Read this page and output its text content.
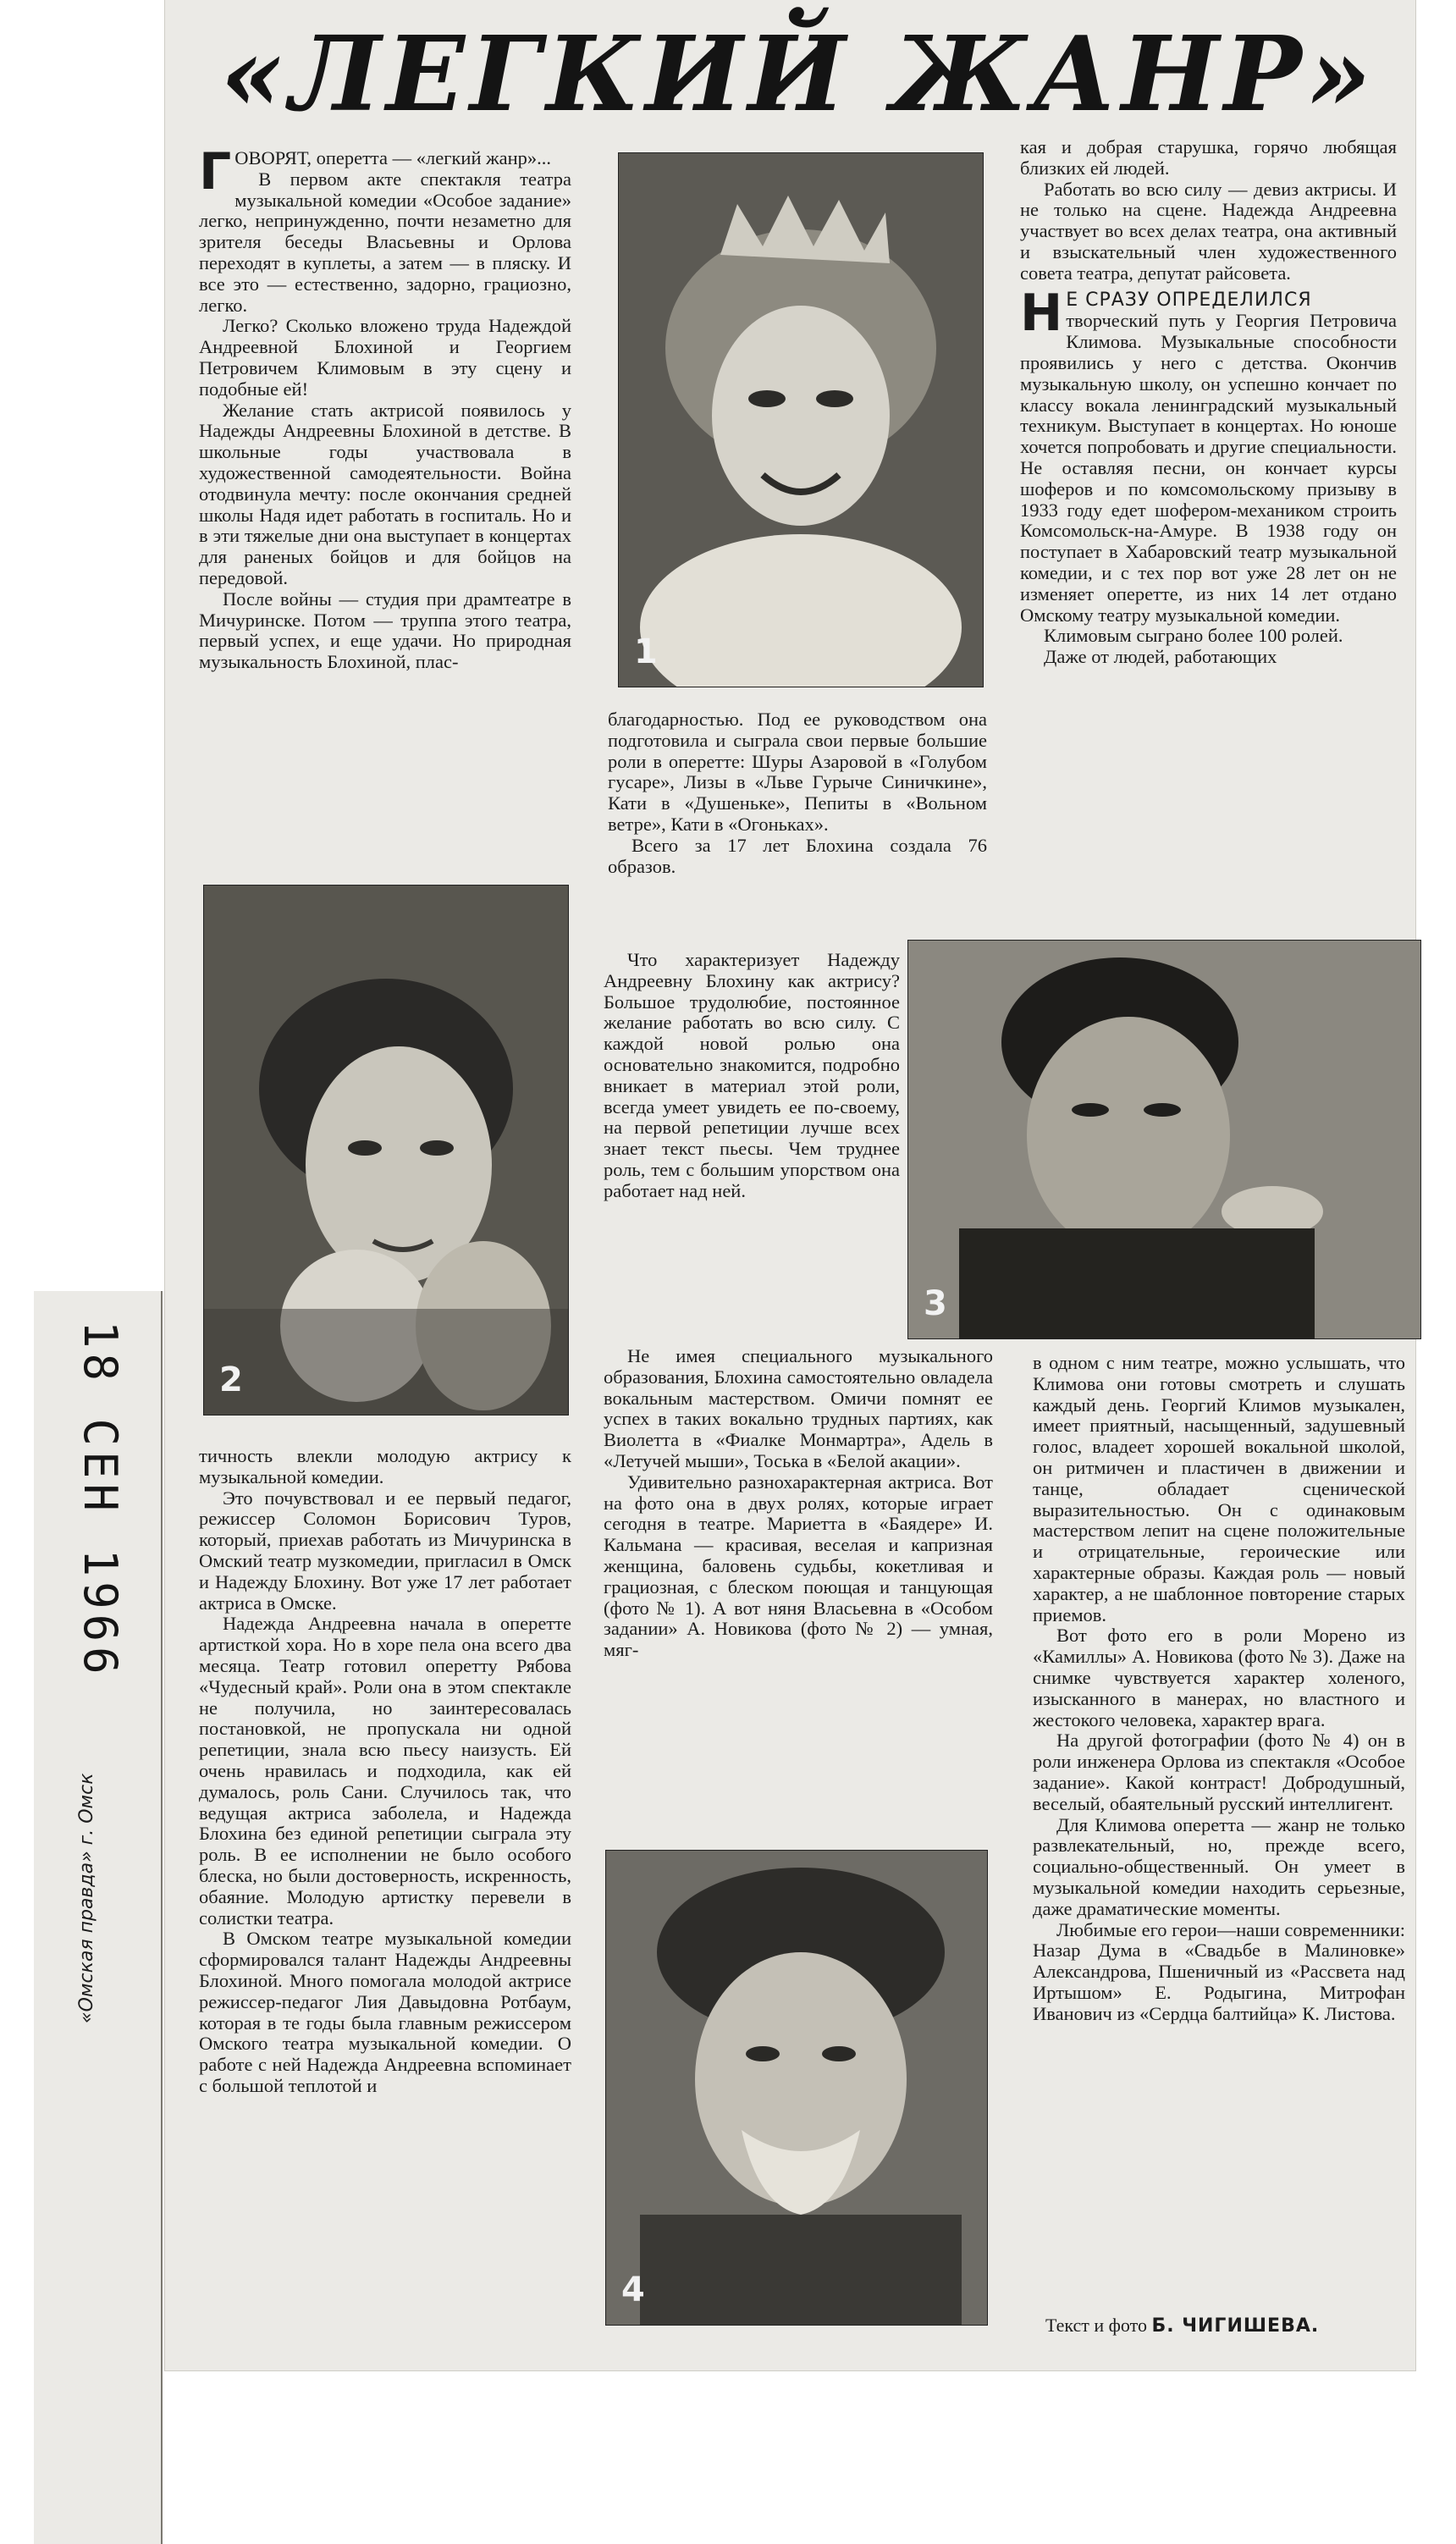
18 СЕН 1966
«Омская правда» г. Омск
«ЛЕГКИЙ ЖАНР»

ГОВОРЯТ, оперетта — «легкий жанр»...

В первом акте спектакля театра музыкальной комедии «Особое задание» легко, непринужденно, почти незаметно для зрителя беседы Власьевны и Орлова переходят в куплеты, а затем — в пляску. И все это — естественно, задорно, грациозно, легко.

Легко? Сколько вложено труда Надеждой Андреевной Блохиной и Георгием Петровичем Климовым в эту сцену и подобные ей!

Желание стать актрисой появилось у Надежды Андреевны Блохиной в детстве. В школьные годы участвовала в художественной самодеятельности. Война отодвинула мечту: после окончания средней школы Надя идет работать в госпиталь. Но и в эти тяжелые дни она выступает в концертах для раненых бойцов и для бойцов на передовой.

После войны — студия при драмтеатре в Мичуринске. Потом — труппа этого театра, первый успех, и еще удачи. Но природная музыкальность Блохиной, плас-

2

тичность влекли молодую актрису к музыкальной комедии.

Это почувствовал и ее первый педагог, режиссер Соломон Борисович Туров, который, приехав работать из Мичуринска в Омский театр музкомедии, пригласил в Омск и Надежду Блохину. Вот уже 17 лет работает актриса в Омске.

Надежда Андреевна начала в оперетте артисткой хора. Но в хоре пела она всего два месяца. Театр готовил оперетту Рябова «Чудесный край». Роли она в этом спектакле не получила, но заинтересовалась постановкой, не пропускала ни одной репетиции, знала всю пьесу наизусть. Ей очень нравилась и подходила, как ей думалось, роль Сани. Случилось так, что ведущая актриса заболела, и Надежда Блохина без единой репетиции сыграла эту роль. В ее исполнении не было особого блеска, но были достоверность, искренность, обаяние. Молодую артистку перевели в солистки театра.

В Омском театре музыкальной комедии сформировался талант Надежды Андреевны Блохиной. Много помогала молодой актрисе режиссер-педагог Лия Давыдовна Ротбаум, которая в те годы была главным режиссером Омского театра музыкальной комедии. О работе с ней Надежда Андреевна вспоминает с большой теплотой и

1

благодарностью. Под ее руководством она подготовила и сыграла свои первые большие роли в оперетте: Шуры Азаровой в «Голубом гусаре», Лизы в «Льве Гурыче Синичкине», Кати в «Душеньке», Пепиты в «Вольном ветре», Кати в «Огоньках».

Всего за 17 лет Блохина создала 76 образов.

Что характеризует Надежду Андреевну Блохину как актрису? Большое трудолюбие, постоянное желание работать во всю силу. С каждой новой ролью она основательно знакомится, подробно вникает в материал этой роли, всегда умеет увидеть ее по-своему, на первой репетиции лучше всех знает текст пьесы. Чем труднее роль, тем с большим упорством она работает над ней.

Не имея специального музыкального образования, Блохина самостоятельно овладела вокальным мастерством. Омичи помнят ее успех в таких вокально трудных партиях, как Виолетта в «Фиалке Монмартра», Адель в «Летучей мыши», Тоська в «Белой акации».

Удивительно разнохарактерная актриса. Вот на фото она в двух ролях, которые играет сегодня в театре. Мариетта в «Баядере» И. Кальмана — красивая, веселая и капризная женщина, баловень судьбы, кокетливая и грациозная, с блеском поющая и танцующая (фото № 1). А вот няня Власьевна в «Особом задании» А. Новикова (фото № 2) — умная, мяг-

4

кая и добрая старушка, горячо любящая близких ей людей.

Работать во всю силу — девиз актрисы. И не только на сцене. Надежда Андреевна участвует во всех делах театра, она активный и взыскательный член художественного совета театра, депутат райсовета.

Н Е СРАЗУ ОПРЕДЕЛИЛСЯ
творческий путь у Георгия Петровича Климова. Музыкальные способности проявились у него с детства. Окончив музыкальную школу, он успешно кончает по классу вокала ленинградский музыкальный техникум. Выступает в концертах. Но юноше хочется попробовать и другие специальности. Не оставляя песни, он кончает курсы шоферов и по комсомольскому призыву в 1933 году едет шофером-механиком строить Комсомольск-на-Амуре. В 1938 году он поступает в Хабаровский театр музыкальной комедии, и с тех пор вот уже 28 лет он не изменяет оперетте, из них 14 лет отдано Омскому театру музыкальной комедии.

Климовым сыграно более 100 ролей.

Даже от людей, работающих

3

в одном с ним театре, можно услышать, что Климова они готовы смотреть и слушать каждый день. Георгий Климов музыкален, имеет приятный, насыщенный, задушевный голос, владеет хорошей вокальной школой, он ритмичен и пластичен в движении и танце, обладает сценической выразительностью. Он с одинаковым мастерством лепит на сцене положительные и отрицательные, героические или характерные образы. Каждая роль — новый характер, а не шаблонное повторение старых приемов.

Вот фото его в роли Морено из «Камиллы» А. Новикова (фото № 3). Даже на снимке чувствуется характер холеного, изысканного в манерах, но властного и жестокого человека, характер врага.

На другой фотографии (фото № 4) он в роли инженера Орлова из спектакля «Особое задание». Какой контраст! Добродушный, веселый, обаятельный русский интеллигент.

Для Климова оперетта — жанр не только развлекательный, но, прежде всего, социально-общественный. Он умеет в музыкальной комедии находить серьезные, даже драматические моменты.

Любимые его герои—наши современники: Назар Дума в «Свадьбе в Малиновке» Александрова, Пшеничный из «Рассвета над Иртышом» Е. Родыгина, Митрофан Иванович из «Сердца балтийца» К. Листова.

Текст и фото Б. ЧИГИШЕВА.
